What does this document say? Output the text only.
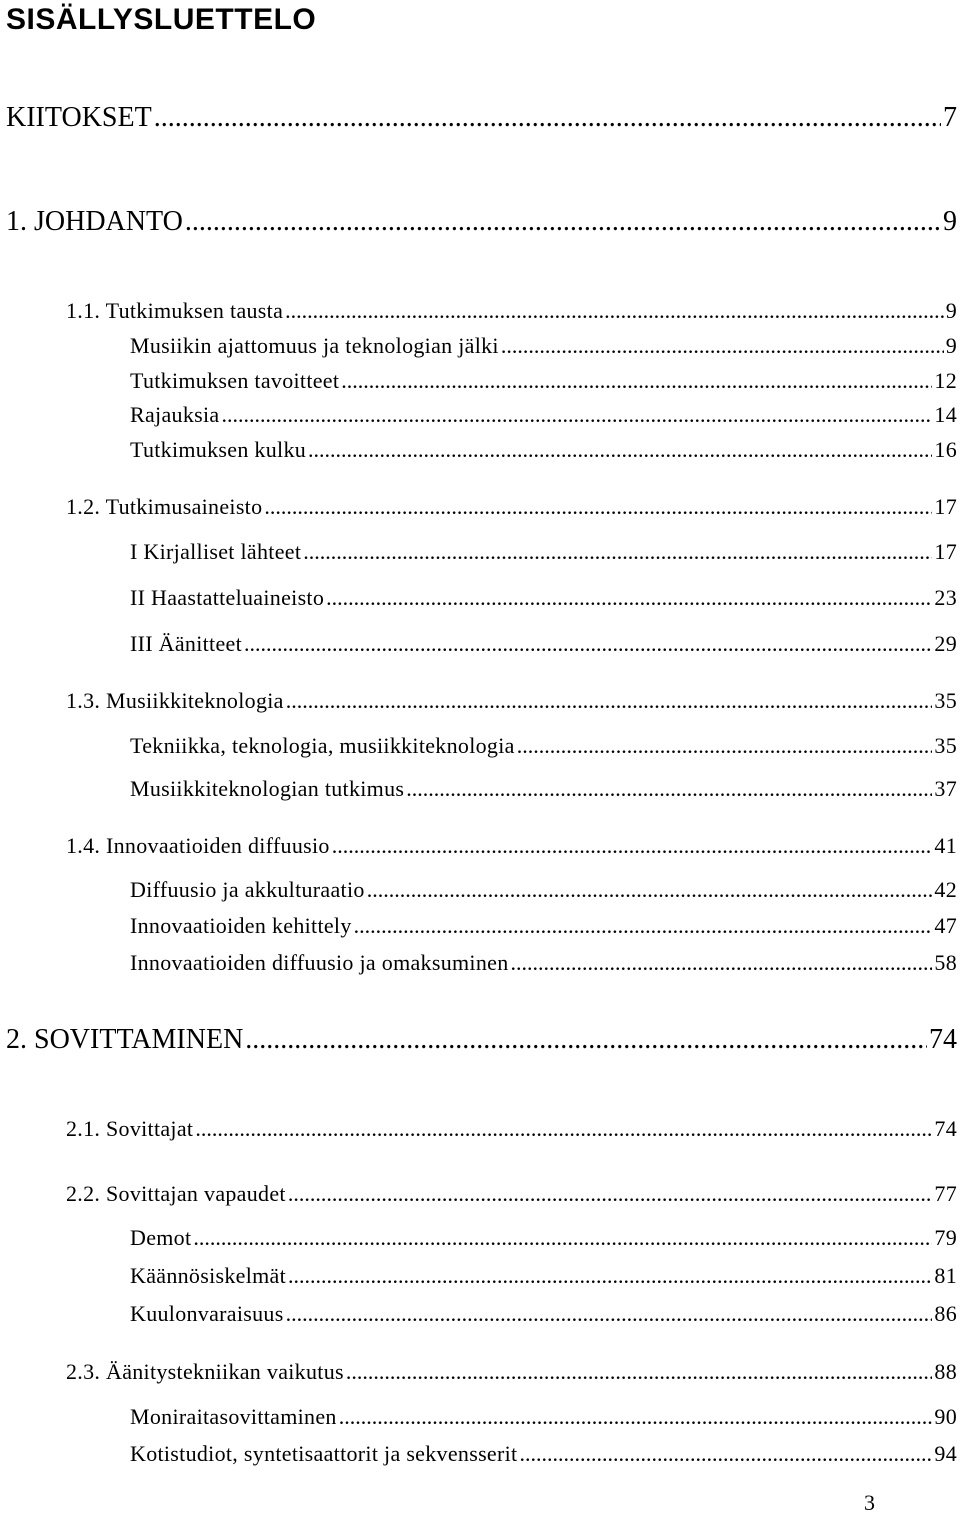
SISÄLLYSLUETTELO
KIITOKSET .....	7
1. JOHDANTO .....	9
1.1. Tutkimuksen tausta .....	9
Musiikin ajattomuus ja teknologian jälki .....	9
Tutkimuksen tavoitteet .....	12
Rajauksia .....	14
Tutkimuksen kulku .....	16
1.2. Tutkimusaineisto .....	17
I Kirjalliset lähteet .....	17
II Haastatteluaineisto .....	23
III Äänitteet .....	29
1.3. Musiikkiteknologia .....	35
Tekniikka, teknologia, musiikkiteknologia .....	35
Musiikkiteknologian tutkimus .....	37
1.4. Innovaatioiden diffuusio .....	41
Diffuusio ja akkulturaatio .....	42
Innovaatioiden kehittely .....	47
Innovaatioiden diffuusio ja omaksuminen .....	58
2. SOVITTAMINEN .....	74
2.1. Sovittajat .....	74
2.2. Sovittajan vapaudet .....	77
Demot .....	79
Käännösiskelmät .....	81
Kuulonvaraisuus .....	86
2.3. Äänitystekniikan vaikutus .....	88
Moniraitasovittaminen .....	90
Kotistudiot, syntetisaattorit ja sekvensserit .....	94
3
